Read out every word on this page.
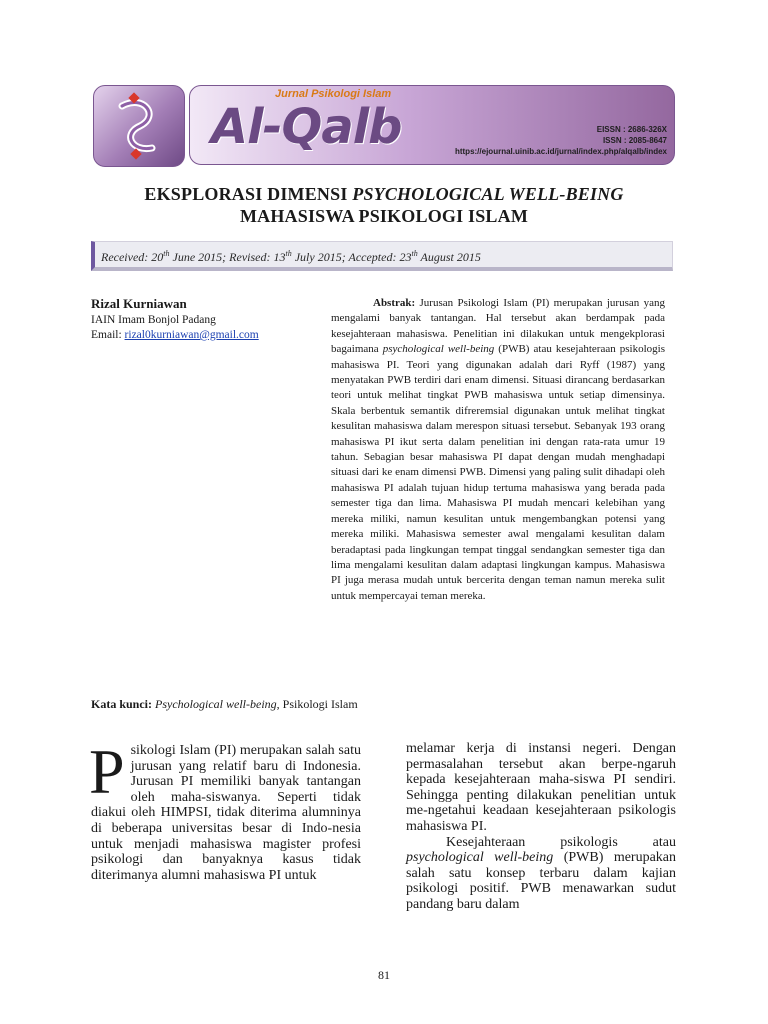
Jurnal Psikologi Islam
Al-Qalb	EISSN : 2686-326X
ISSN : 2085-8647
https://ejournal.uinib.ac.id/jurnal/index.php/alqalb/index
EKSPLORASI DIMENSI PSYCHOLOGICAL WELL-BEING
MAHASISWA PSIKOLOGI ISLAM
Received: 20th June 2015; Revised: 13th July 2015; Accepted: 23th August 2015
Rizal Kurniawan
IAIN Imam Bonjol Padang
Email: rizal0kurniawan@gmail.com
Abstrak: Jurusan Psikologi Islam (PI) merupakan jurusan yang mengalami banyak tantangan. Hal tersebut akan berdampak pada kesejahteraan mahasiswa. Penelitian ini dilakukan untuk mengekplorasi bagaimana psychological well-being (PWB) atau kesejahteraan psikologis mahasiswa PI. Teori yang digunakan adalah dari Ryff (1987) yang menyatakan PWB terdiri dari enam dimensi. Situasi dirancang berdasarkan teori untuk melihat tingkat PWB mahasiswa untuk setiap dimensinya. Skala berbentuk semantik difreremsial digunakan untuk melihat tingkat kesulitan mahasiswa dalam merespon situasi tersebut. Sebanyak 193 orang mahasiswa PI ikut serta dalam penelitian ini dengan rata-rata umur 19 tahun. Sebagian besar mahasiswa PI dapat dengan mudah menghadapi situasi dari ke enam dimensi PWB. Dimensi yang paling sulit dihadapi oleh mahasiswa PI adalah tujuan hidup tertuma mahasiswa yang berada pada semester tiga dan lima. Mahasiswa PI mudah mencari kelebihan yang mereka miliki, namun kesulitan untuk mengembangkan potensi yang mereka miliki. Mahasiswa semester awal mengalami kesulitan dalam beradaptasi pada lingkungan tempat tinggal sendangkan semester tiga dan lima mengalami kesulitan dalam adaptasi lingkungan kampus. Mahasiswa PI juga merasa mudah untuk bercerita dengan teman namun mereka sulit untuk mempercayai teman mereka.
Kata kunci: Psychological well-being, Psikologi Islam

Psikologi Islam (PI) merupakan salah satu jurusan yang relatif baru di Indonesia. Jurusan PI memiliki banyak tantangan oleh maha-siswanya. Seperti tidak diakui oleh HIMPSI, tidak diterima alumninya di beberapa universitas besar di Indo-nesia untuk menjadi mahasiswa magister profesi psikologi dan banyaknya kasus tidak diterimanya alumni mahasiswa PI untuk

melamar kerja di instansi negeri. Dengan permasalahan tersebut akan berpe-ngaruh kepada kesejahteraan maha-siswa PI sendiri. Sehingga penting dilakukan penelitian untuk me-ngetahui keadaan kesejahteraan psikologis mahasiswa PI.

Kesejahteraan psikologis atau psychological well-being (PWB) merupakan salah satu konsep terbaru dalam kajian psikologi positif. PWB menawarkan sudut pandang baru dalam

81
